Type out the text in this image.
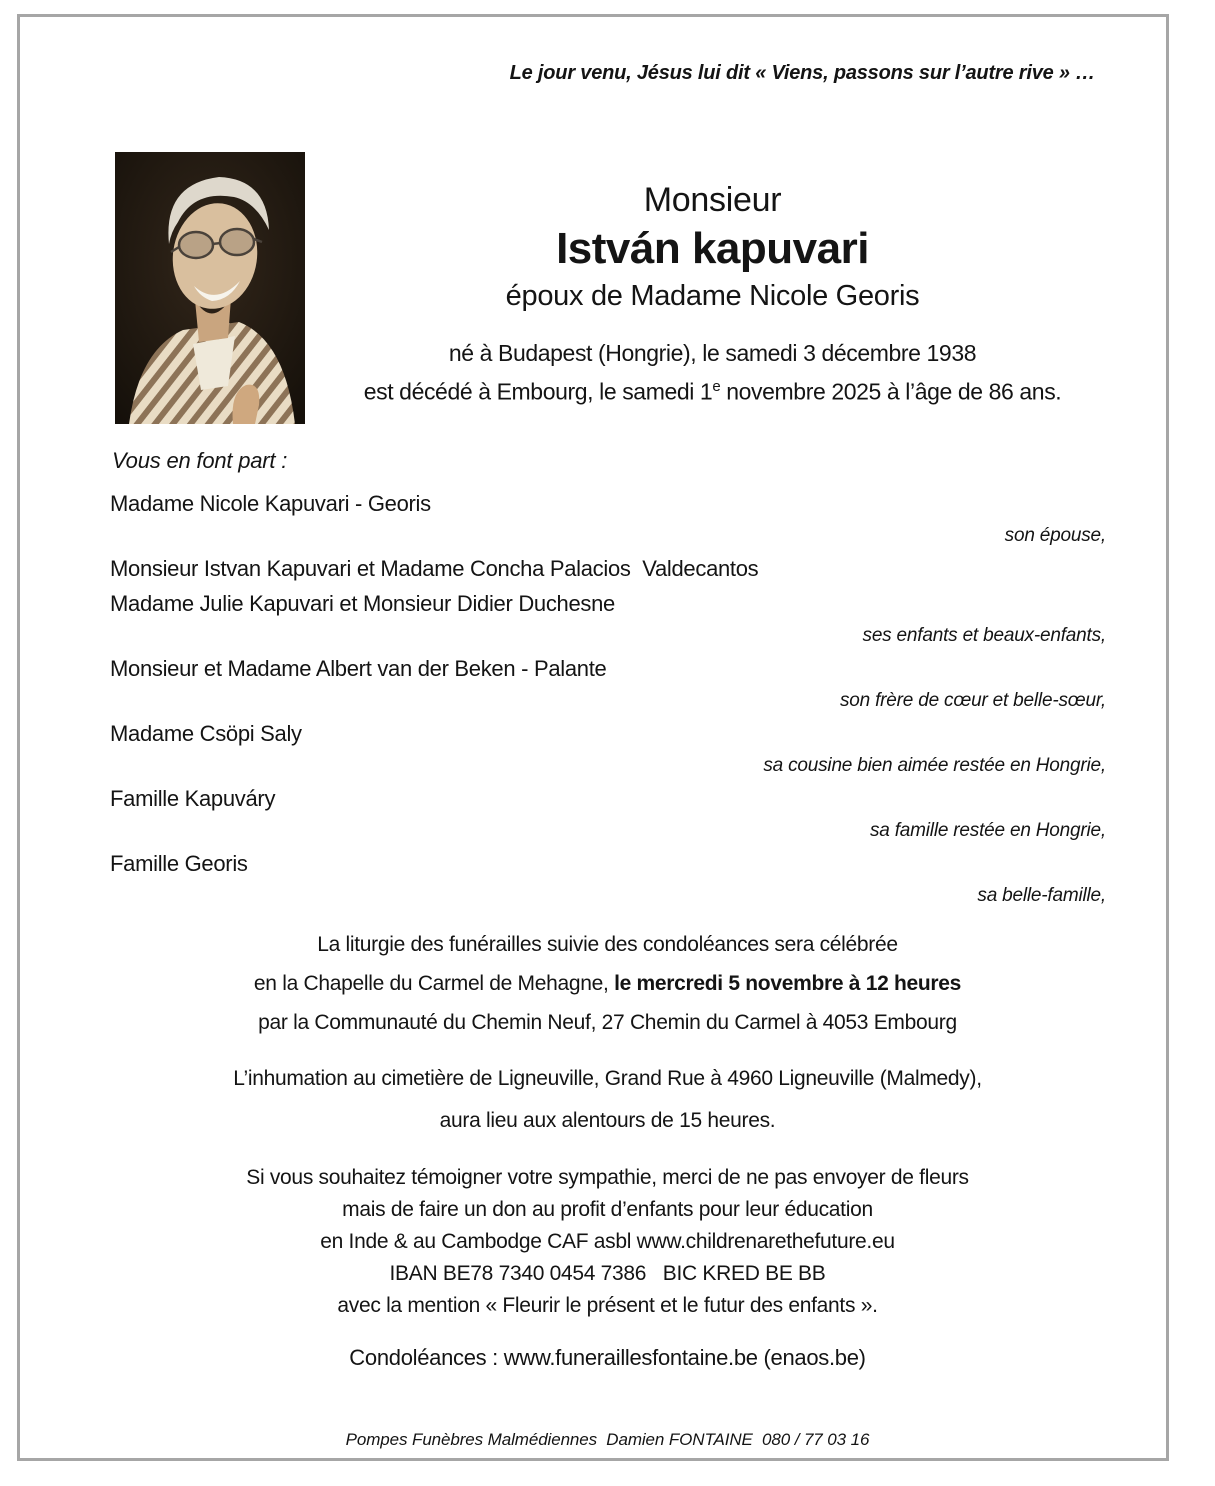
Le jour venu, Jésus lui dit « Viens, passons sur l’autre rive » …
Monsieur
István kapuvari
époux de Madame Nicole Georis
né à Budapest (Hongrie), le samedi 3 décembre 1938
est décédé à Embourg, le samedi 1e novembre 2025 à l’âge de 86 ans.
Vous en font part :
Madame Nicole Kapuvari - Georis
son épouse,
Monsieur Istvan Kapuvari et Madame Concha Palacios  Valdecantos
Madame Julie Kapuvari et Monsieur Didier Duchesne
ses enfants et beaux-enfants,
Monsieur et Madame Albert van der Beken - Palante
son frère de cœur et belle-sœur,
Madame Csöpi Saly
sa cousine bien aimée restée en Hongrie,
Famille Kapuváry
sa famille restée en Hongrie,
Famille Georis
sa belle-famille,
La liturgie des funérailles suivie des condoléances sera célébrée
en la Chapelle du Carmel de Mehagne, le mercredi 5 novembre à 12 heures
par la Communauté du Chemin Neuf, 27 Chemin du Carmel à 4053 Embourg
L’inhumation au cimetière de Ligneuville, Grand Rue à 4960 Ligneuville (Malmedy),
aura lieu aux alentours de 15 heures.
Si vous souhaitez témoigner votre sympathie, merci de ne pas envoyer de fleurs
mais de faire un don au profit d’enfants pour leur éducation
en Inde & au Cambodge CAF asbl www.childrenarethefuture.eu
IBAN BE78 7340 0454 7386   BIC KRED BE BB
avec la mention « Fleurir le présent et le futur des enfants ».
Condoléances : www.funeraillesfontaine.be (enaos.be)
Pompes Funèbres Malmédiennes  Damien FONTAINE  080 / 77 03 16
